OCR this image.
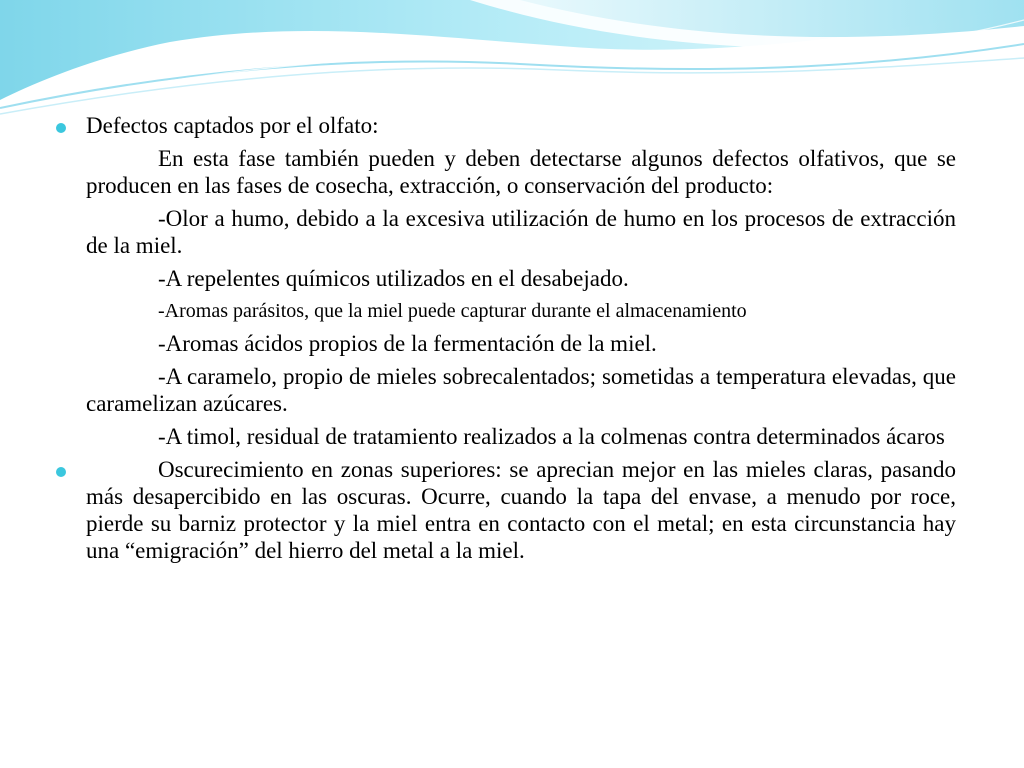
Defectos captados por el olfato:

En esta fase también pueden y deben detectarse algunos defectos olfativos, que se producen en las fases de cosecha, extracción, o conservación del producto:

-Olor a humo, debido a la excesiva utilización de humo en los procesos de extracción de la miel.

-A repelentes químicos utilizados en el desabejado.

-Aromas parásitos, que la miel puede capturar durante el almacenamiento

-Aromas ácidos propios de la fermentación de la miel.

-A caramelo, propio de mieles sobrecalentados; sometidas a temperatura elevadas, que caramelizan azúcares.

-A timol, residual de tratamiento realizados a la colmenas contra determinados ácaros

Oscurecimiento en zonas superiores: se aprecian mejor en las mieles claras, pasando más desapercibido en las oscuras. Ocurre, cuando la tapa del envase, a menudo por roce, pierde su barniz protector y la miel entra en contacto con el metal; en esta circunstancia hay una “emigración” del hierro del metal a la miel.
